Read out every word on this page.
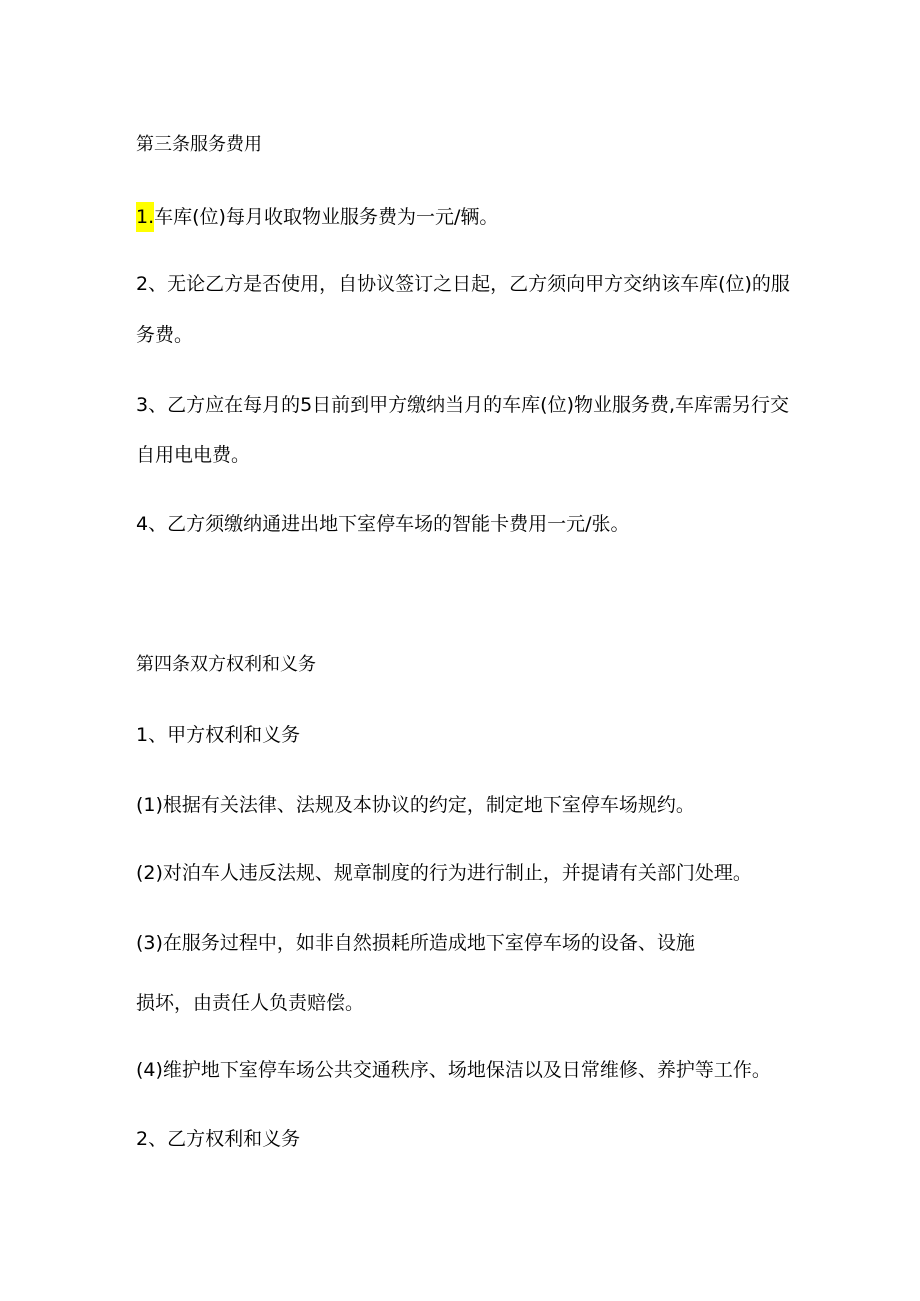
第三条服务费用
1.车库(位)每月收取物业服务费为一元/辆。
2、无论乙方是否使用，自协议签订之日起，乙方须向甲方交纳该车库(位)的服
务费。
3、乙方应在每月的5日前到甲方缴纳当月的车库(位)物业服务费,车库需另行交
自用电电费。
4、乙方须缴纳通进出地下室停车场的智能卡费用一元/张。
第四条双方权利和义务
1、甲方权利和义务
(1)根据有关法律、法规及本协议的约定，制定地下室停车场规约。
(2)对泊车人违反法规、规章制度的行为进行制止，并提请有关部门处理。
(3)在服务过程中，如非自然损耗所造成地下室停车场的设备、设施
损坏，由责任人负责赔偿。
(4)维护地下室停车场公共交通秩序、场地保洁以及日常维修、养护等工作。
2、乙方权利和义务
